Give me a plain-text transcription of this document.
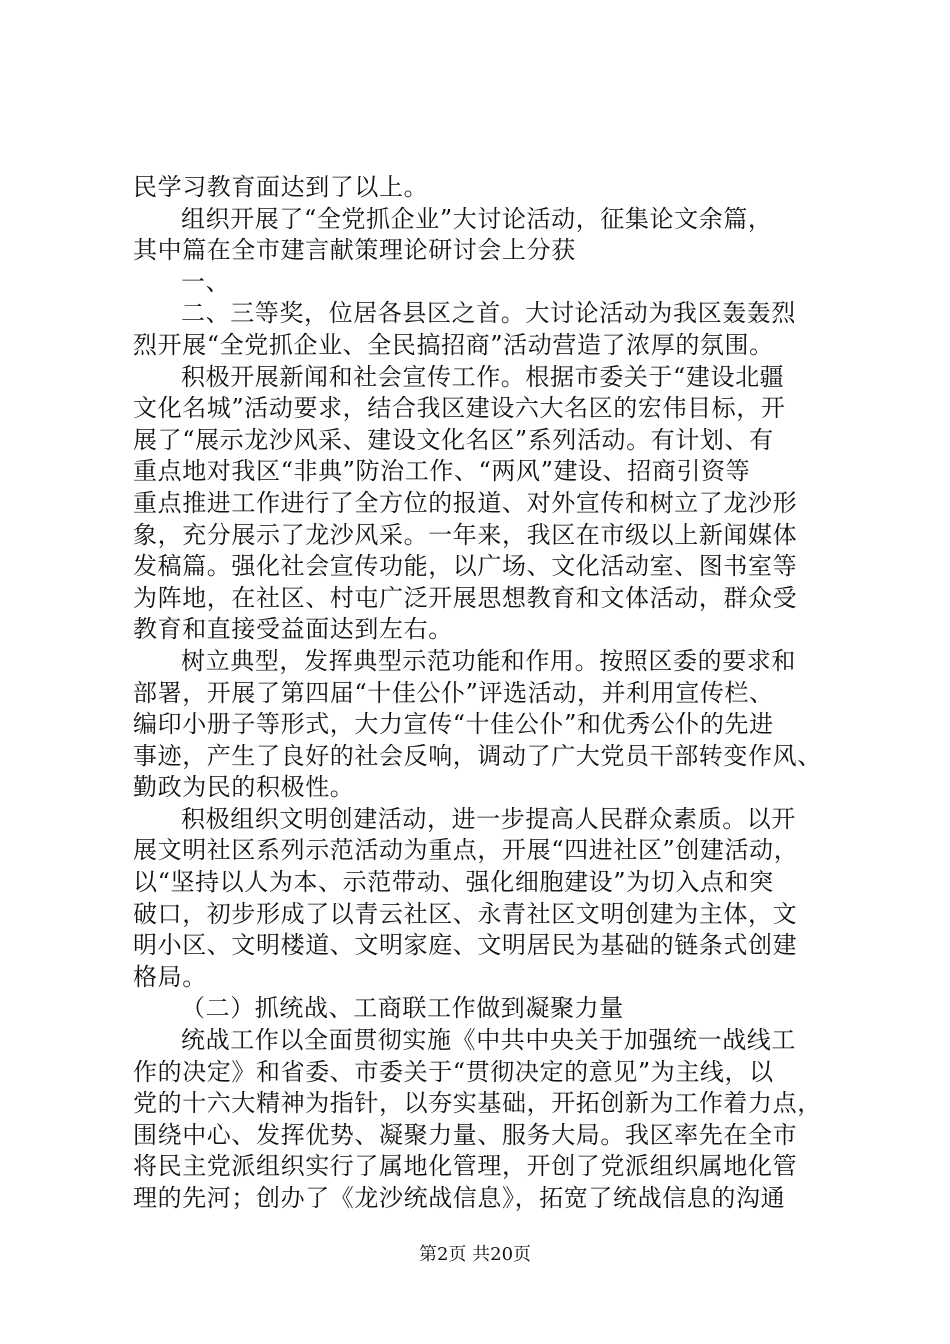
民学习教育面达到了以上。
组织开展了“全党抓企业”大讨论活动，征集论文余篇，
其中篇在全市建言献策理论研讨会上分获
一、
二、三等奖，位居各县区之首。大讨论活动为我区轰轰烈
烈开展“全党抓企业、全民搞招商”活动营造了浓厚的氛围。
积极开展新闻和社会宣传工作。根据市委关于“建设北疆
文化名城”活动要求，结合我区建设六大名区的宏伟目标，开
展了“展示龙沙风采、建设文化名区”系列活动。有计划、有
重点地对我区“非典”防治工作、“两风”建设、招商引资等
重点推进工作进行了全方位的报道、对外宣传和树立了龙沙形
象，充分展示了龙沙风采。一年来，我区在市级以上新闻媒体
发稿篇。强化社会宣传功能，以广场、文化活动室、图书室等
为阵地，在社区、村屯广泛开展思想教育和文体活动，群众受
教育和直接受益面达到左右。
树立典型，发挥典型示范功能和作用。按照区委的要求和
部署，开展了第四届“十佳公仆”评选活动，并利用宣传栏、
编印小册子等形式，大力宣传“十佳公仆”和优秀公仆的先进
事迹，产生了良好的社会反响，调动了广大党员干部转变作风、
勤政为民的积极性。
积极组织文明创建活动，进一步提高人民群众素质。以开
展文明社区系列示范活动为重点，开展“四进社区”创建活动，
以“坚持以人为本、示范带动、强化细胞建设”为切入点和突
破口，初步形成了以青云社区、永青社区文明创建为主体，文
明小区、文明楼道、文明家庭、文明居民为基础的链条式创建
格局。
（二）抓统战、工商联工作做到凝聚力量
统战工作以全面贯彻实施《中共中央关于加强统一战线工
作的决定》和省委、市委关于“贯彻决定的意见”为主线，以
党的十六大精神为指针，以夯实基础，开拓创新为工作着力点，
围绕中心、发挥优势、凝聚力量、服务大局。我区率先在全市
将民主党派组织实行了属地化管理，开创了党派组织属地化管
理的先河；创办了《龙沙统战信息》，拓宽了统战信息的沟通
第2页 共20页
